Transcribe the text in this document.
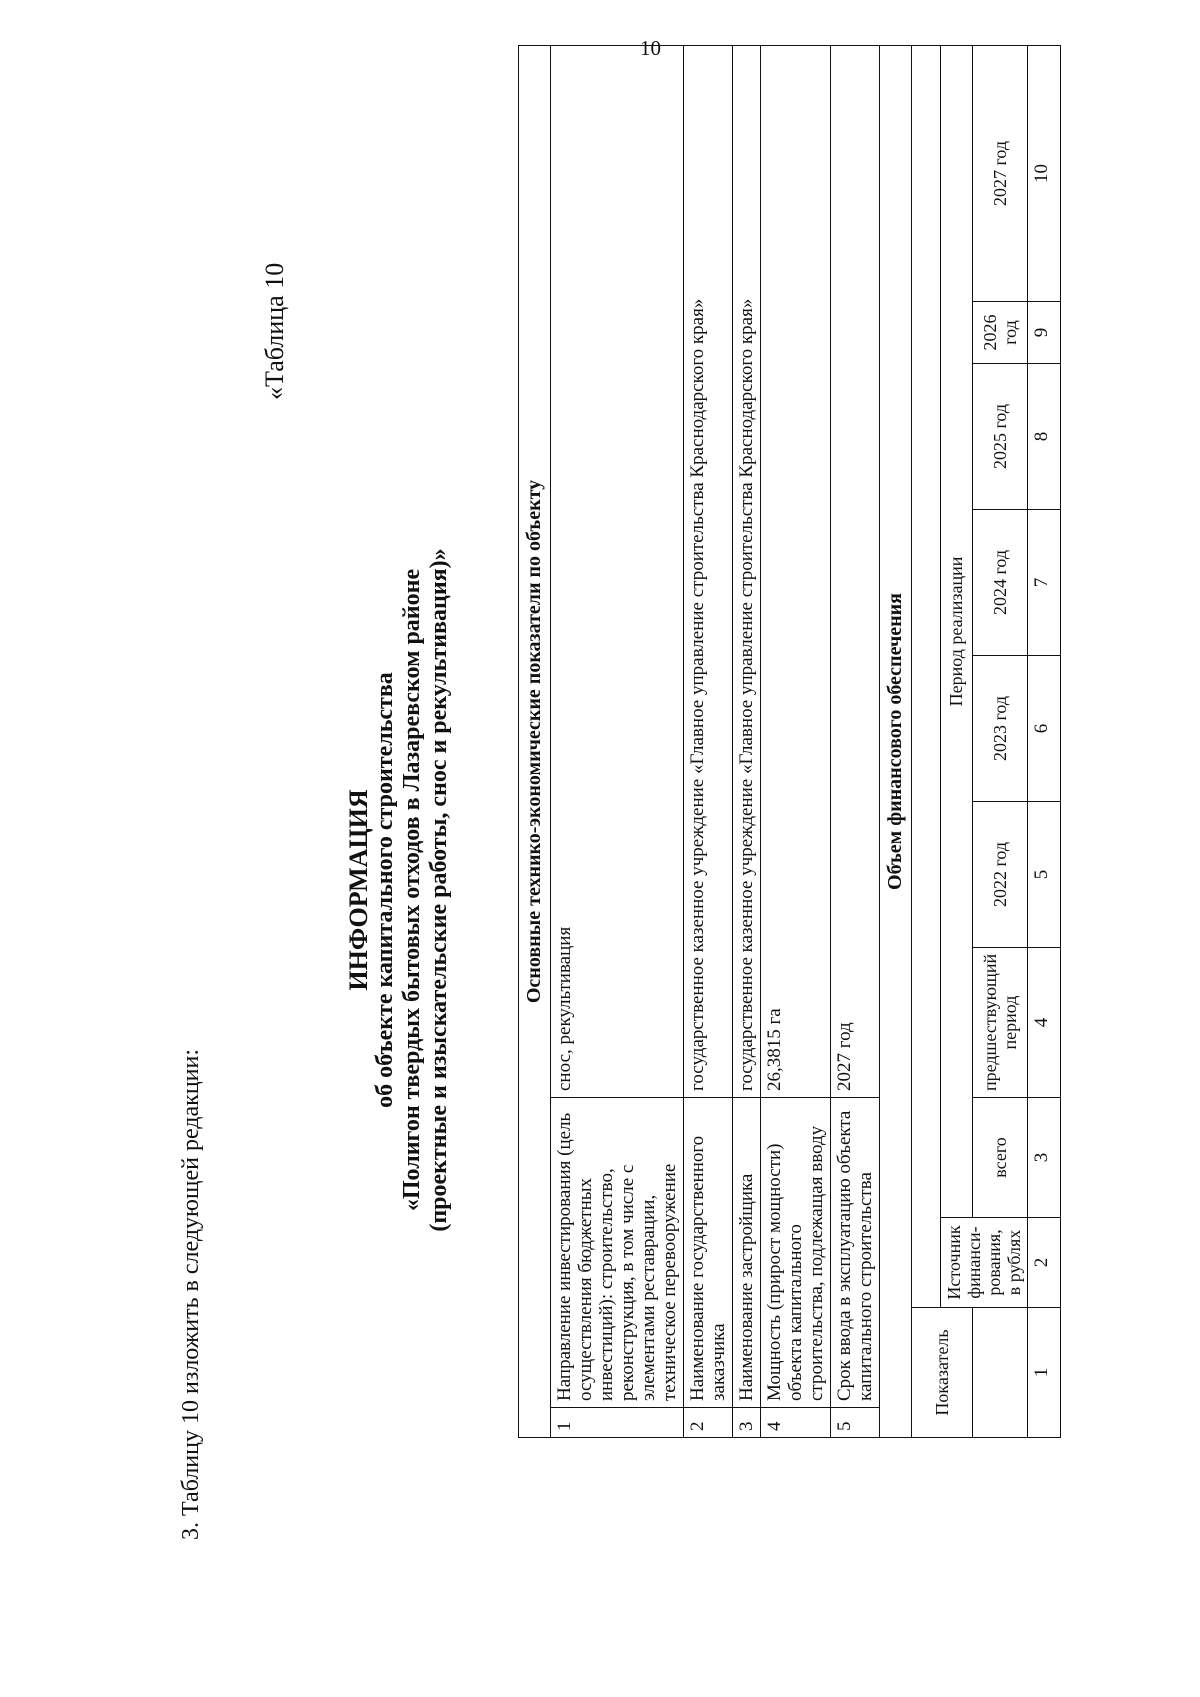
10
3. Таблицу 10 изложить в следующей редакции:
«Таблица 10
ИНФОРМАЦИЯ об объекте капитального строительства «Полигон твердых бытовых отходов в Лазаревском районе (проектные и изыскательские работы, снос и рекультивация)»	Основные технико-экономические показатели по объекту										
1	Направление инвестирования (цель осуществления бюджетных инвестиций): строительство, реконструкция, в том числе с элементами реставрации, техническое перевооружение			снос, рекультивация						
2	Наименование государственного заказчика			государственное казенное учреждение «Главное управление строительства Краснодарского края»						
3	Наименование застройщика			государственное казенное учреждение «Главное управление строительства Краснодарского края»						
4	Мощность (прирост мощности) объекта капитального строительства, подлежащая вводу			26,3815 га						
5	Срок ввода в эксплуатацию объекта капитального строительства			2027 год						
Объем финансового обеспечения										
Показатель										
		Источник финанси-рования, в рублях	Период реализации							
			всего	предшествующий период	2022 год	2023 год	2024 год	2025 год	2026 год	2027 год
1		2	3	4	5	6	7	8	9	10
